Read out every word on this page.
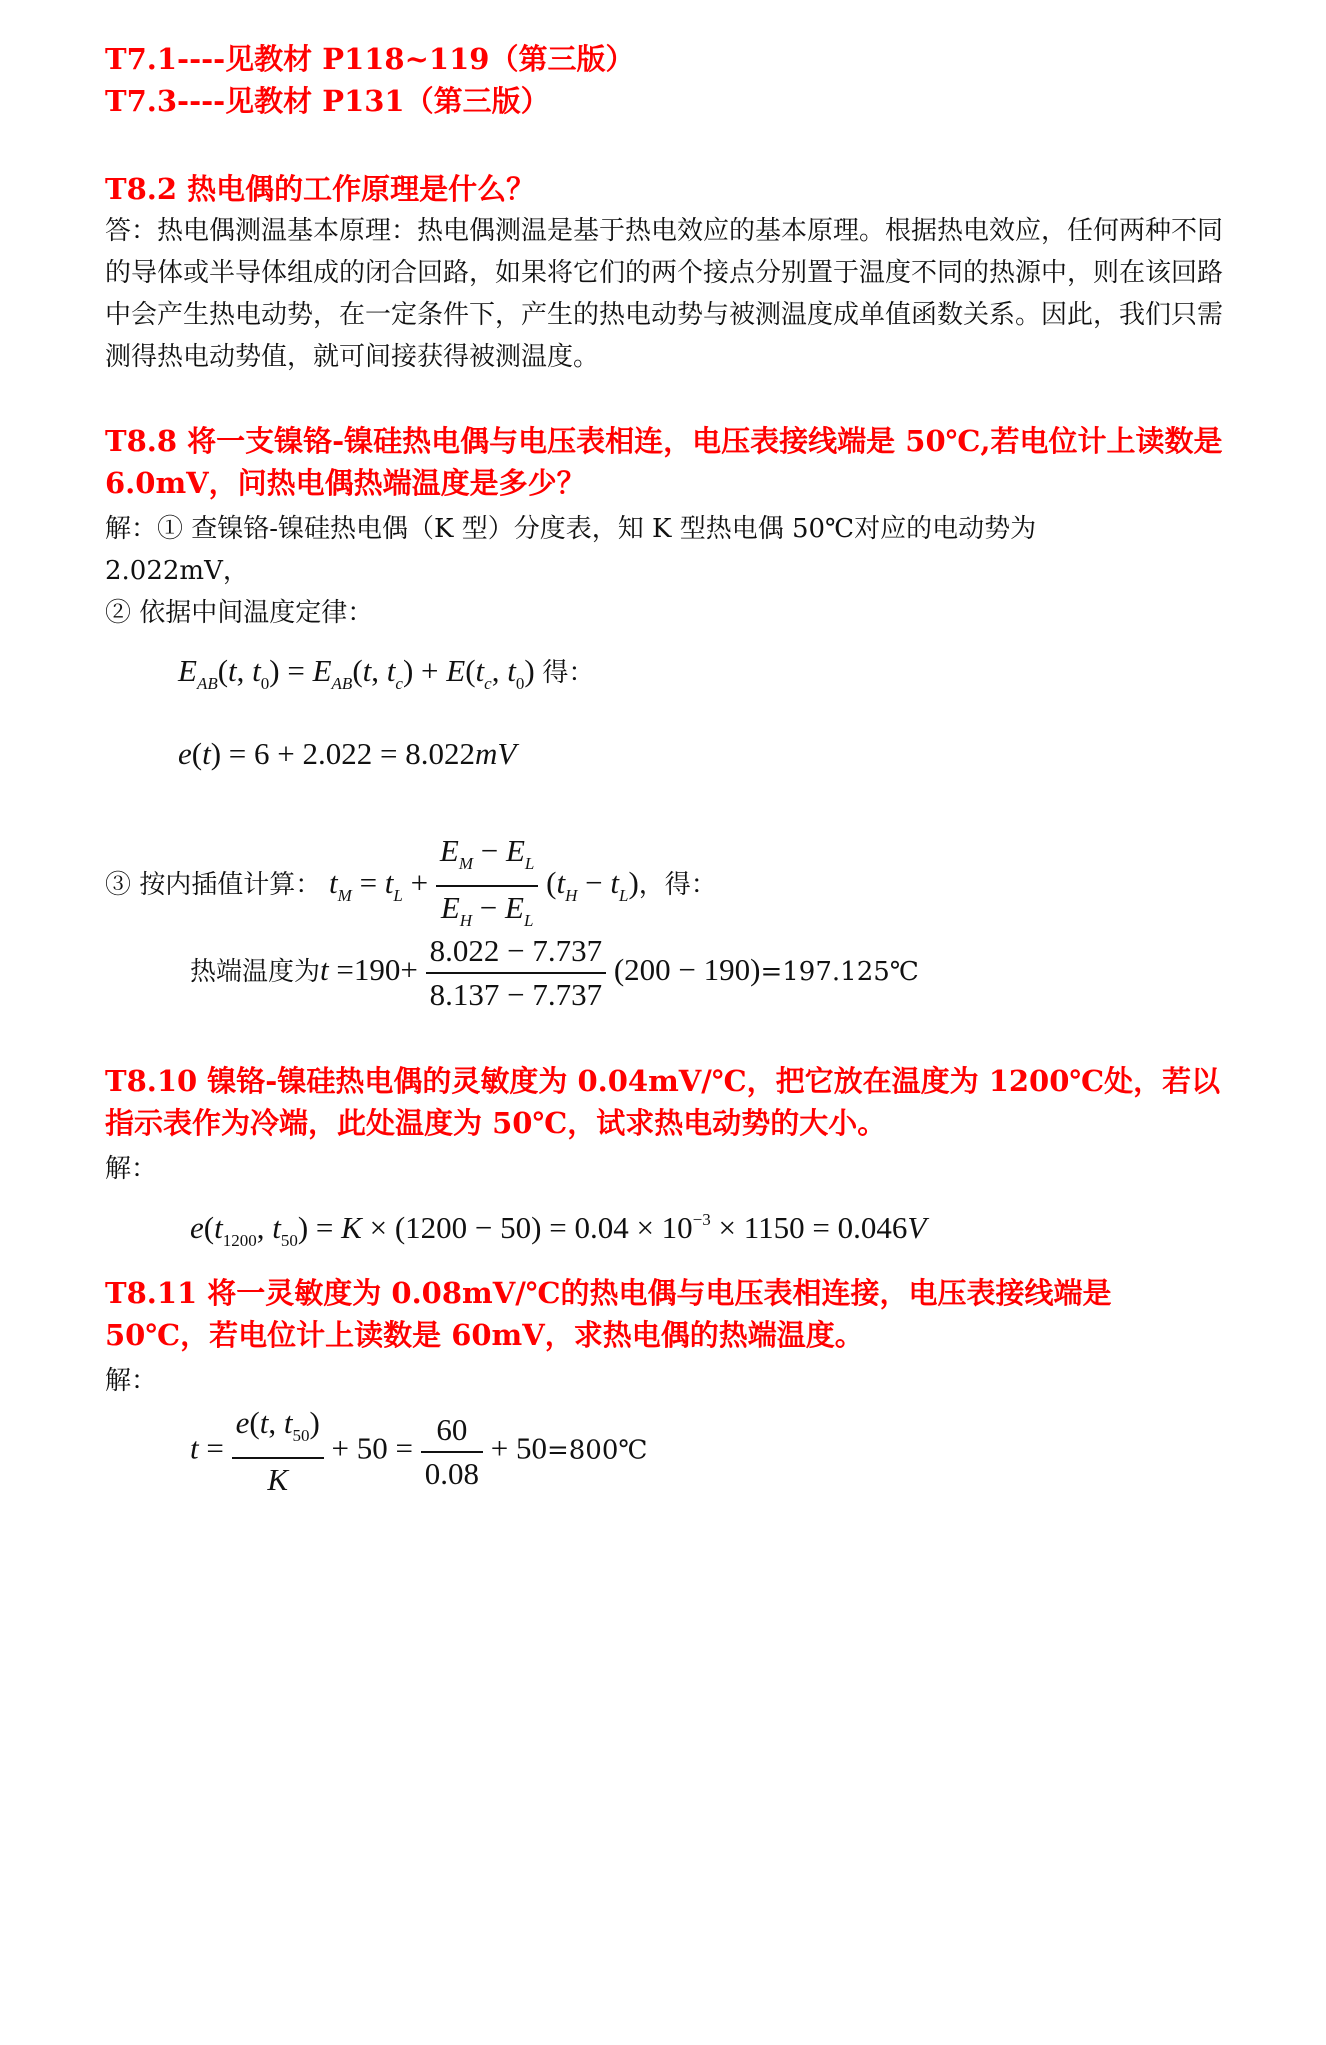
T7.1----见教材 P118~119（第三版）
T7.3----见教材 P131（第三版）
T8.2 热电偶的工作原理是什么？
答：热电偶测温基本原理：热电偶测温是基于热电效应的基本原理。根据热电效应，任何两种不同的导体或半导体组成的闭合回路，如果将它们的两个接点分别置于温度不同的热源中，则在该回路中会产生热电动势，在一定条件下，产生的热电动势与被测温度成单值函数关系。因此，我们只需测得热电动势值，就可间接获得被测温度。
T8.8 将一支镍铬-镍硅热电偶与电压表相连，电压表接线端是 50℃,若电位计上读数是 6.0mV，问热电偶热端温度是多少？
解：① 查镍铬-镍硅热电偶（K 型）分度表，知 K 型热电偶 50℃对应的电动势为 2.022mV，
② 依据中间温度定律：
$E_{AB}(t$, $t_0) = E_{AB}(t$, $t_c) + E(t_c$, $t_0$) 得：
e(t) = 6 + 2.022 = 8.022mV
③ 按内插值计算： $t_M = t_L + \frac{E_M - E_L}{E_H - E_L} (t_H - t_L)$，得：
热端温度为$t =190+ \frac{8.022 - 7.737}{8.137 - 7.737} (200$ − 190)=197.125℃
T8.10 镍铬-镍硅热电偶的灵敏度为 0.04mV/℃，把它放在温度为 1200℃处，若以指示表作为冷端，此处温度为 50℃，试求热电动势的大小。
解：
$e(t_{1200}$, $t_{50}) = K \times (1200 - 50) = 0.04 \times 10^{-3} \times 1150 = 0.046V$
T8.11 将一灵敏度为 0.08mV/℃的热电偶与电压表相连接，电压表接线端是 50℃，若电位计上读数是 60mV，求热电偶的热端温度。
解：
$t = \frac{e(t, t_{50})}{K} + 50 = \frac{60}{0.08}$ + 50=800℃
